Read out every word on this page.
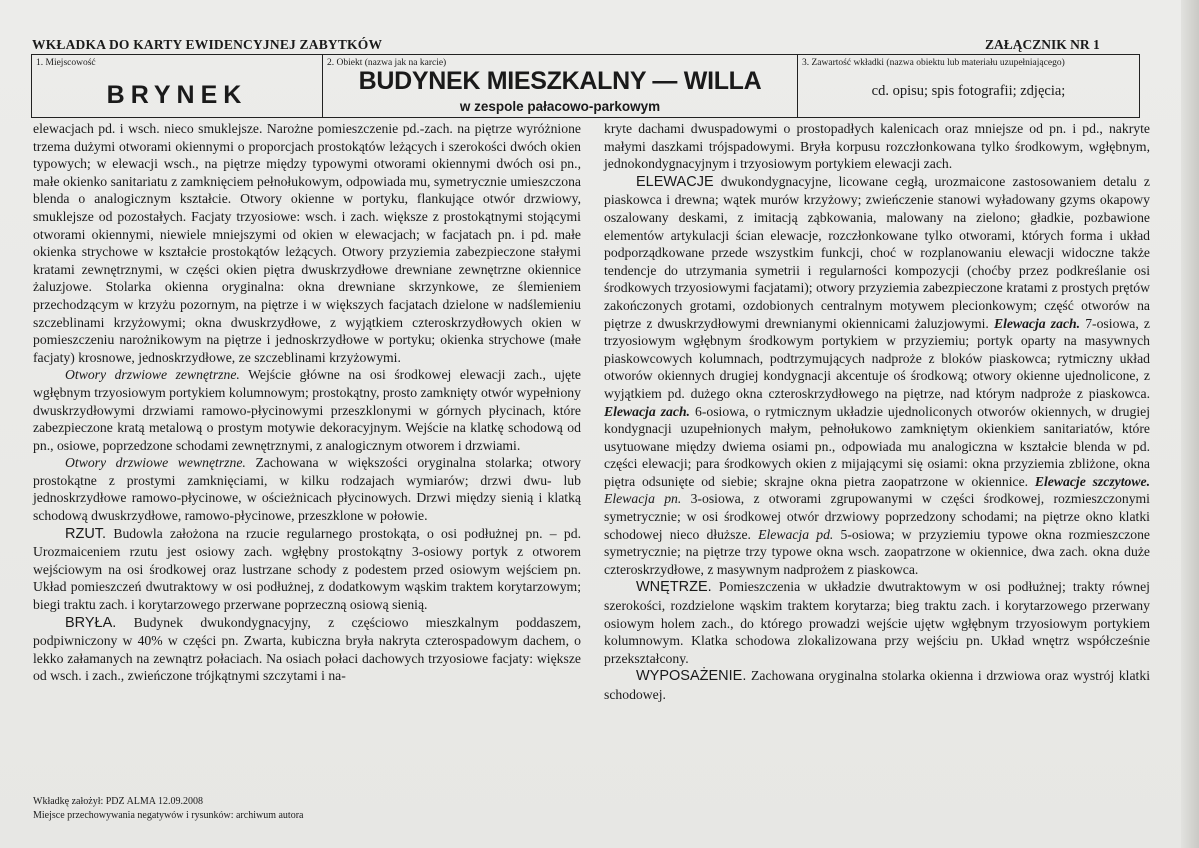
WKŁADKA DO KARTY EWIDENCYJNEJ ZABYTKÓW	ZAŁĄCZNIK NR 1
1. Miejscowość
BRYNEK
2. Obiekt (nazwa jak na karcie)
BUDYNEK MIESZKALNY — WILLA
w zespole pałacowo-parkowym
3. Zawartość wkładki (nazwa obiektu lub materiału uzupełniającego)
cd. opisu; spis fotografii; zdjęcia;

elewacjach pd. i wsch. nieco smuklejsze. Narożne pomieszczenie pd.-zach. na piętrze wyróżnione trzema dużymi otworami okiennymi o proporcjach prostokątów leżących i szerokości dwóch okien typowych; w elewacji wsch., na piętrze między typowymi otworami okiennymi dwóch osi pn., małe okienko sanitariatu z zamknięciem pełnołukowym, odpowiada mu, symetrycznie umieszczona blenda o analogicznym kształcie. Otwory okienne w portyku, flankujące otwór drzwiowy, smuklejsze od pozostałych. Facjaty trzyosiowe: wsch. i zach. większe z prostokątnymi stojącymi otworami okiennymi, niewiele mniejszymi od okien w elewacjach; w facjatach pn. i pd. małe okienka strychowe w kształcie prostokątów leżących. Otwory przyziemia zabezpieczone stałymi kratami zewnętrznymi, w części okien piętra dwuskrzydłowe drewniane zewnętrzne okiennice żaluzjowe. Stolarka okienna oryginalna: okna drewniane skrzynkowe, ze ślemieniem przechodzącym w krzyżu pozornym, na piętrze i w większych facjatach dzielone w nadślemieniu szczeblinami krzyżowymi; okna dwuskrzydłowe, z wyjątkiem czteroskrzydłowych okien w pomieszczeniu narożnikowym na piętrze i jednoskrzydłowe w portyku; okienka strychowe (małe facjaty) krosnowe, jednoskrzydłowe, ze szczeblinami krzyżowymi.

Otwory drzwiowe zewnętrzne. Wejście główne na osi środkowej elewacji zach., ujęte wgłębnym trzyosiowym portykiem kolumnowym; prostokątny, prosto zamknięty otwór wypełniony dwuskrzydłowymi drzwiami ramowo-płycinowymi przeszklonymi w górnych płycinach, które zabezpieczone kratą metalową o prostym motywie dekoracyjnym. Wejście na klatkę schodową od pn., osiowe, poprzedzone schodami zewnętrznymi, z analogicznym otworem i drzwiami.

Otwory drzwiowe wewnętrzne. Zachowana w większości oryginalna stolarka; otwory prostokątne z prostymi zamknięciami, w kilku rodzajach wymiarów; drzwi dwu- lub jednoskrzydłowe ramowo-płycinowe, w ościeżnicach płycinowych. Drzwi między sienią i klatką schodową dwuskrzydłowe, ramowo-płycinowe, przeszklone w połowie.

RZUT. Budowla założona na rzucie regularnego prostokąta, o osi podłużnej pn. – pd. Urozmaiceniem rzutu jest osiowy zach. wgłębny prostokątny 3-osiowy portyk z otworem wejściowym na osi środkowej oraz lustrzane schody z podestem przed osiowym wejściem pn. Układ pomieszczeń dwutraktowy w osi podłużnej, z dodatkowym wąskim traktem korytarzowym; biegi traktu zach. i korytarzowego przerwane poprzeczną osiową sienią.

BRYŁA. Budynek dwukondygnacyjny, z częściowo mieszkalnym poddaszem, podpiwniczony w 40% w części pn. Zwarta, kubiczna bryła nakryta czterospadowym dachem, o lekko załamanych na zewnątrz połaciach. Na osiach połaci dachowych trzyosiowe facjaty: większe od wsch. i zach., zwieńczone trójkątnymi szczytami i na-

kryte dachami dwuspadowymi o prostopadłych kalenicach oraz mniejsze od pn. i pd., nakryte małymi daszkami trójspadowymi. Bryła korpusu rozczłonkowana tylko środkowym, wgłębnym, jednokondygnacyjnym i trzyosiowym portykiem elewacji zach.

ELEWACJE dwukondygnacyjne, licowane cegłą, urozmaicone zastosowaniem detalu z piaskowca i drewna; wątek murów krzyżowy; zwieńczenie stanowi wyładowany gzyms okapowy oszalowany deskami, z imitacją ząbkowania, malowany na zielono; gładkie, pozbawione elementów artykulacji ścian elewacje, rozczłonkowane tylko otworami, których forma i układ podporządkowane przede wszystkim funkcji, choć w rozplanowaniu elewacji widoczne także tendencje do utrzymania symetrii i regularności kompozycji (choćby przez podkreślanie osi środkowych trzyosiowymi facjatami); otwory przyziemia zabezpieczone kratami z prostych prętów zakończonych grotami, ozdobionych centralnym motywem plecionkowym; część otworów na piętrze z dwuskrzydłowymi drewnianymi okiennicami żaluzjowymi. Elewacja zach. 7-osiowa, z trzyosiowym wgłębnym środkowym portykiem w przyziemiu; portyk oparty na masywnych piaskowcowych kolumnach, podtrzymujących nadproże z bloków piaskowca; rytmiczny układ otworów okiennych drugiej kondygnacji akcentuje oś środkową; otwory okienne ujednolicone, z wyjątkiem pd. dużego okna czteroskrzydłowego na piętrze, nad którym nadproże z piaskowca. Elewacja zach. 6-osiowa, o rytmicznym układzie ujednoliconych otworów okiennych, w drugiej kondygnacji uzupełnionych małym, pełnołukowo zamkniętym okienkiem sanitariatów, które usytuowane między dwiema osiami pn., odpowiada mu analogiczna w kształcie blenda w pd. części elewacji; para środkowych okien z mijającymi się osiami: okna przyziemia zbliżone, okna piętra odsunięte od siebie; skrajne okna pietra zaopatrzone w okiennice. Elewacje szczytowe. Elewacja pn. 3-osiowa, z otworami zgrupowanymi w części środkowej, rozmieszczonymi symetrycznie; w osi środkowej otwór drzwiowy poprzedzony schodami; na piętrze okno klatki schodowej nieco dłuższe. Elewacja pd. 5-osiowa; w przyziemiu typowe okna rozmieszczone symetrycznie; na piętrze trzy typowe okna wsch. zaopatrzone w okiennice, dwa zach. okna duże czteroskrzydłowe, z masywnym nadprożem z piaskowca.

WNĘTRZE. Pomieszczenia w układzie dwutraktowym w osi podłużnej; trakty równej szerokości, rozdzielone wąskim traktem korytarza; bieg traktu zach. i korytarzowego przerwany osiowym holem zach., do którego prowadzi wejście ujętw wgłębnym trzyosiowym portykiem kolumnowym. Klatka schodowa zlokalizowana przy wejściu pn. Układ wnętrz współcześnie przekształcony.

WYPOSAŻENIE. Zachowana oryginalna stolarka okienna i drzwiowa oraz wystrój klatki schodowej.

Wkładkę założył: PDZ ALMA 12.09.2008
Miejsce przechowywania negatywów i rysunków: archiwum autora
